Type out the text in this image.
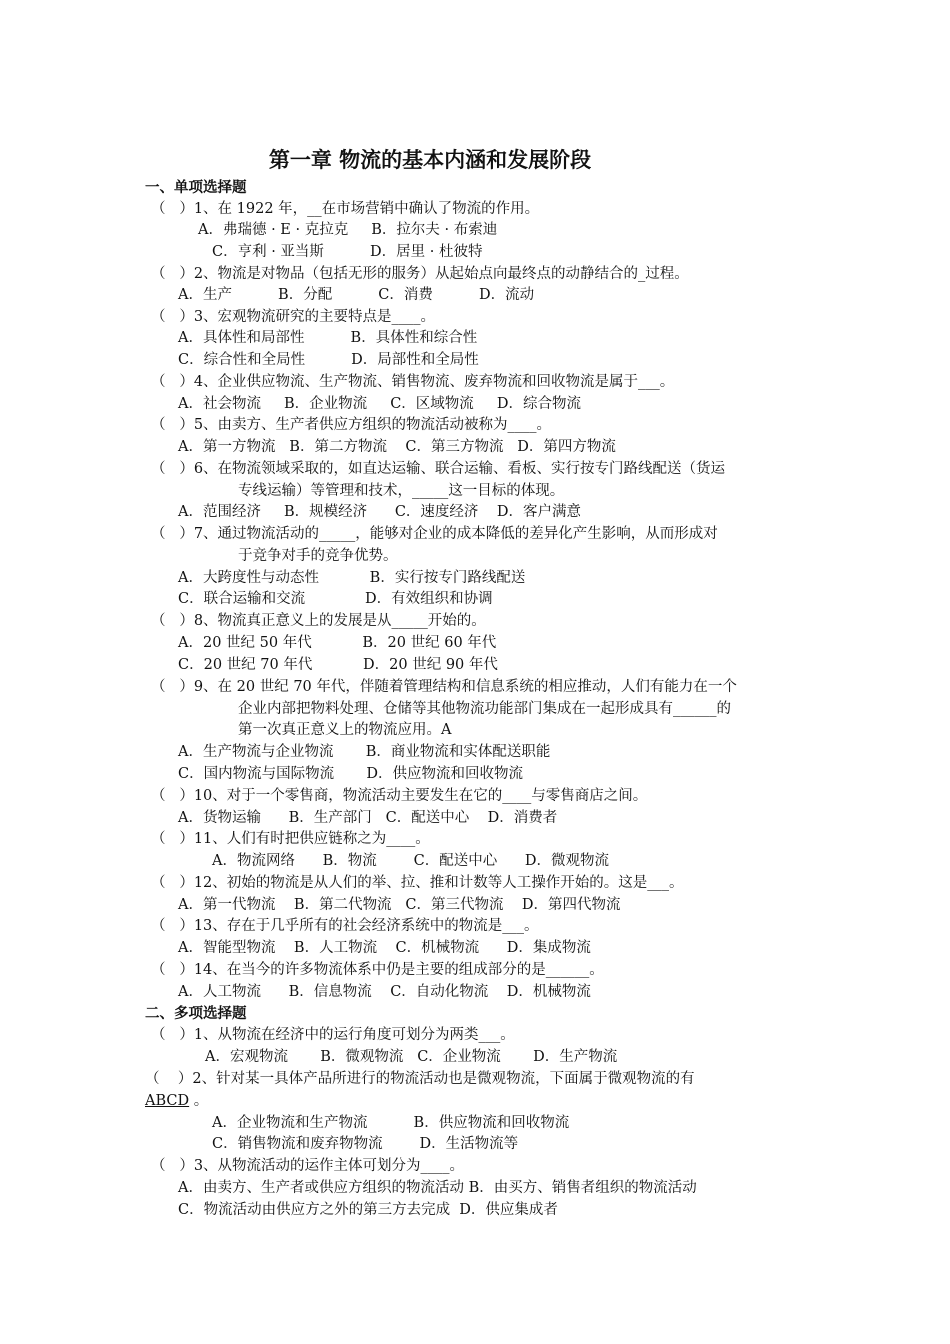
第一章 物流的基本内涵和发展阶段
一、单项选择题
（   ）1、在 1922 年，__在市场营销中确认了物流的作用。
A．弗瑞德 · E · 克拉克     B．拉尔夫 · 布索迪
C．亨利 · 亚当斯          D．居里 · 杜彼特
（   ）2、物流是对物品（包括无形的服务）从起始点向最终点的动静结合的_过程。
A．生产          B．分配          C．消费          D．流动
（   ）3、宏观物流研究的主要特点是____。
A．具体性和局部性          B．具体性和综合性
C．综合性和全局性          D．局部性和全局性
（   ）4、企业供应物流、生产物流、销售物流、废弃物流和回收物流是属于___。
A．社会物流     B．企业物流     C．区域物流     D．综合物流
（   ）5、由卖方、生产者供应方组织的物流活动被称为____。
A．第一方物流   B．第二方物流    C．第三方物流   D．第四方物流
（   ）6、在物流领域采取的，如直达运输、联合运输、看板、实行按专门路线配送（货运
专线运输）等管理和技术，_____这一目标的体现。
A．范围经济     B．规模经济      C．速度经济    D．客户满意
（   ）7、通过物流活动的_____，能够对企业的成本降低的差异化产生影响，从而形成对
于竞争对手的竞争优势。
A．大跨度性与动态性           B．实行按专门路线配送
C．联合运输和交流             D．有效组织和协调
（   ）8、物流真正意义上的发展是从_____开始的。
A．20 世纪 50 年代           B．20 世纪 60 年代
C．20 世纪 70 年代           D．20 世纪 90 年代
（   ）9、在 20 世纪 70 年代，伴随着管理结构和信息系统的相应推动，人们有能力在一个
企业内部把物料处理、仓储等其他物流功能部门集成在一起形成具有______的
第一次真正意义上的物流应用。A
A．生产物流与企业物流       B．商业物流和实体配送职能
C．国内物流与国际物流       D．供应物流和回收物流
（   ）10、对于一个零售商，物流活动主要发生在它的____与零售商店之间。
A．货物运输      B．生产部门   C．配送中心    D．消费者
（   ）11、人们有时把供应链称之为____。
A．物流网络      B．物流        C．配送中心      D．微观物流
（   ）12、初始的物流是从人们的举、拉、推和计数等人工操作开始的。这是___。
A．第一代物流    B．第二代物流   C．第三代物流    D．第四代物流
（   ）13、存在于几乎所有的社会经济系统中的物流是___。
A．智能型物流    B．人工物流    C．机械物流      D．集成物流
（   ）14、在当今的许多物流体系中仍是主要的组成部分的是______。
A．人工物流      B．信息物流    C．自动化物流    D．机械物流
二、多项选择题
（   ）1、从物流在经济中的运行角度可划分为两类___。
A．宏观物流       B．微观物流   C．企业物流       D．生产物流
（    ）2、针对某一具体产品所进行的物流活动也是微观物流，下面属于微观物流的有
ABCD 。
A．企业物流和生产物流          B．供应物流和回收物流
C．销售物流和废弃物物流        D．生活物流等
（   ）3、从物流活动的运作主体可划分为____。
A．由卖方、生产者或供应方组织的物流活动 B．由买方、销售者组织的物流活动
C．物流活动由供应方之外的第三方去完成  D．供应集成者
